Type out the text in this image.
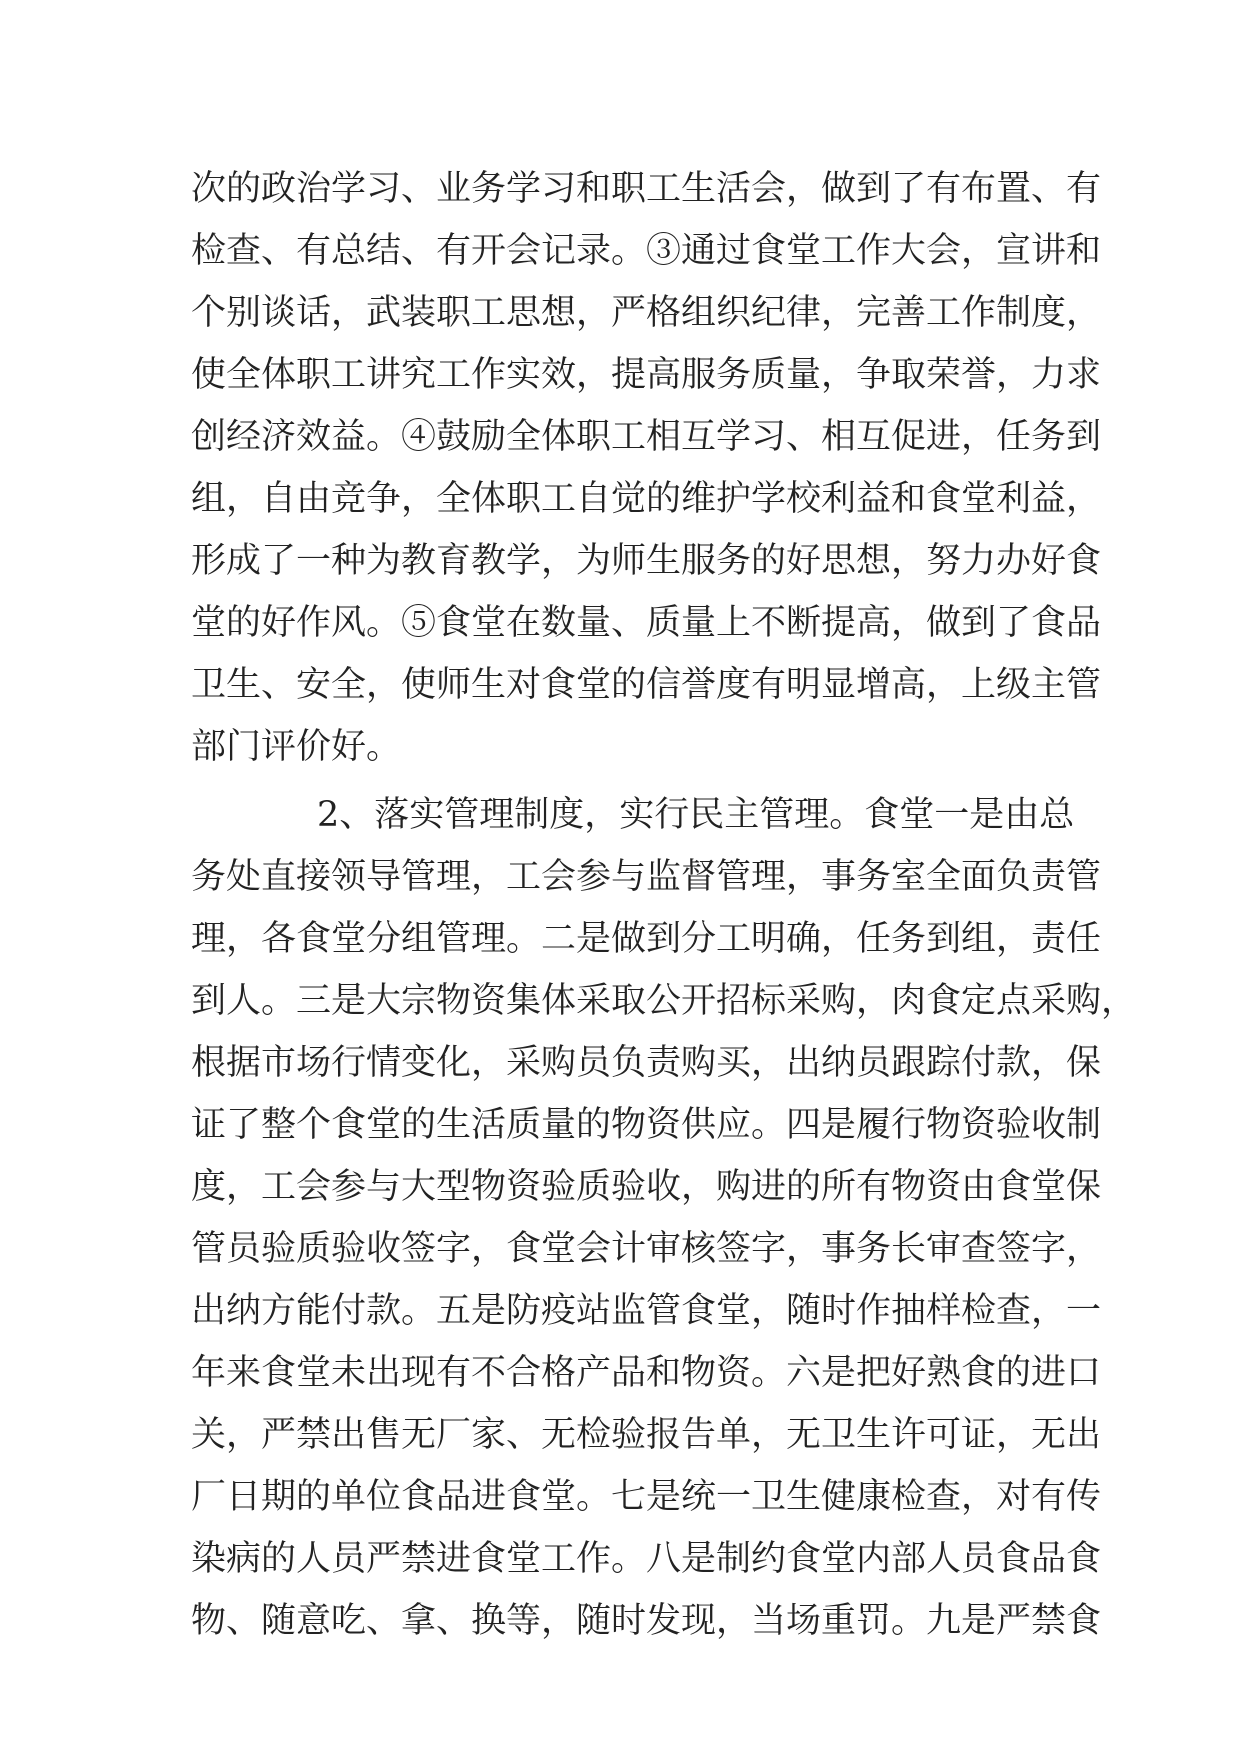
次的政治学习、业务学习和职工生活会，做到了有布置、有
检查、有总结、有开会记录。③通过食堂工作大会，宣讲和
个别谈话，武装职工思想，严格组织纪律，完善工作制度，
使全体职工讲究工作实效，提高服务质量，争取荣誉，力求
创经济效益。④鼓励全体职工相互学习、相互促进，任务到
组，自由竞争，全体职工自觉的维护学校利益和食堂利益，
形成了一种为教育教学，为师生服务的好思想，努力办好食
堂的好作风。⑤食堂在数量、质量上不断提高，做到了食品
卫生、安全，使师生对食堂的信誉度有明显增高，上级主管
部门评价好。
2、落实管理制度，实行民主管理。食堂一是由总
务处直接领导管理，工会参与监督管理，事务室全面负责管
理，各食堂分组管理。二是做到分工明确，任务到组，责任
到人。三是大宗物资集体采取公开招标采购，肉食定点采购，
根据市场行情变化，采购员负责购买，出纳员跟踪付款，保
证了整个食堂的生活质量的物资供应。四是履行物资验收制
度，工会参与大型物资验质验收，购进的所有物资由食堂保
管员验质验收签字，食堂会计审核签字，事务长审查签字，
出纳方能付款。五是防疫站监管食堂，随时作抽样检查，一
年来食堂未出现有不合格产品和物资。六是把好熟食的进口
关，严禁出售无厂家、无检验报告单，无卫生许可证，无出
厂日期的单位食品进食堂。七是统一卫生健康检查，对有传
染病的人员严禁进食堂工作。八是制约食堂内部人员食品食
物、随意吃、拿、换等，随时发现，当场重罚。九是严禁食
